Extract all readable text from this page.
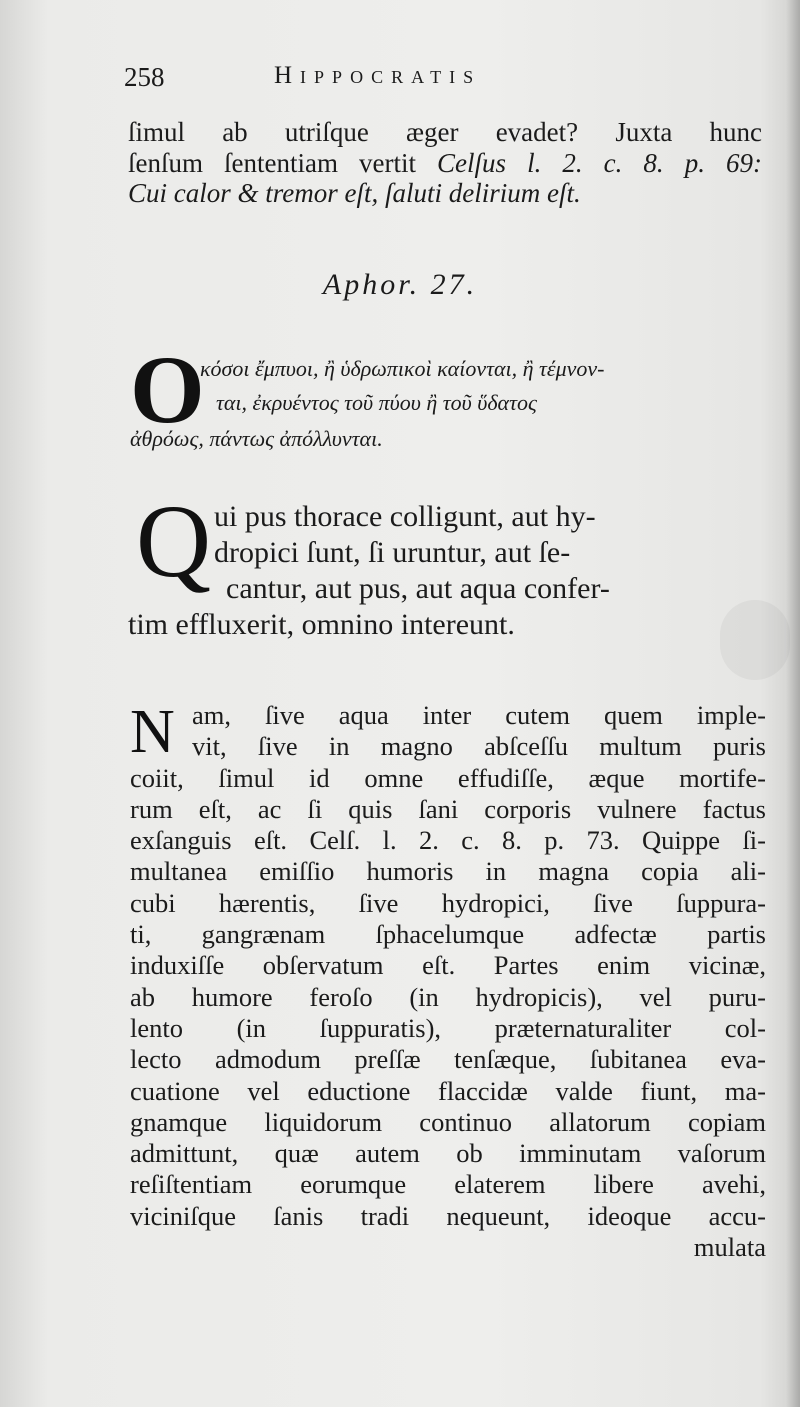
258	Hippocratis
ſimul ab utriſque æger evadet? Juxta hunc
ſenſum ſententiam vertit Celſus l. 2. c. 8. p. 69:
Cui calor & tremor eſt, ſaluti delirium eſt.
Aphor. 27.
O
κόσοι ἔμπυοι, ἢ ὑδρωπικοὶ καίονται, ἢ τέμνον-
ται, ἐκρυέντος τοῦ πύου ἢ τοῦ ὕδατος
ἀθρόως, πάντως ἀπόλλυνται.
Q ui pus thorace colligunt, aut hy-
dropici ſunt, ſi uruntur, aut ſe-
cantur, aut pus, aut aqua confer-
tim effluxerit, omnino intereunt.
N am, ſive aqua inter cutem quem imple-
vit, ſive in magno abſceſſu multum puris
coiit, ſimul id omne effudiſſe, æque mortife-
rum eſt, ac ſi quis ſani corporis vulnere factus
exſanguis eſt. Celſ. l. 2. c. 8. p. 73. Quippe ſi-
multanea emiſſio humoris in magna copia ali-
cubi hærentis, ſive hydropici, ſive ſuppura-
ti, gangrænam ſphacelumque adfectæ partis
induxiſſe obſervatum eſt. Partes enim vicinæ,
ab humore feroſo (in hydropicis), vel puru-
lento (in ſuppuratis), præternaturaliter col-
lecto admodum preſſæ tenſæque, ſubitanea eva-
cuatione vel eductione flaccidæ valde fiunt, ma-
gnamque liquidorum continuo allatorum copiam
admittunt, quæ autem ob imminutam vaſorum
reſiſtentiam eorumque elaterem libere avehi,
viciniſque ſanis tradi nequeunt, ideoque accu-
mulata
